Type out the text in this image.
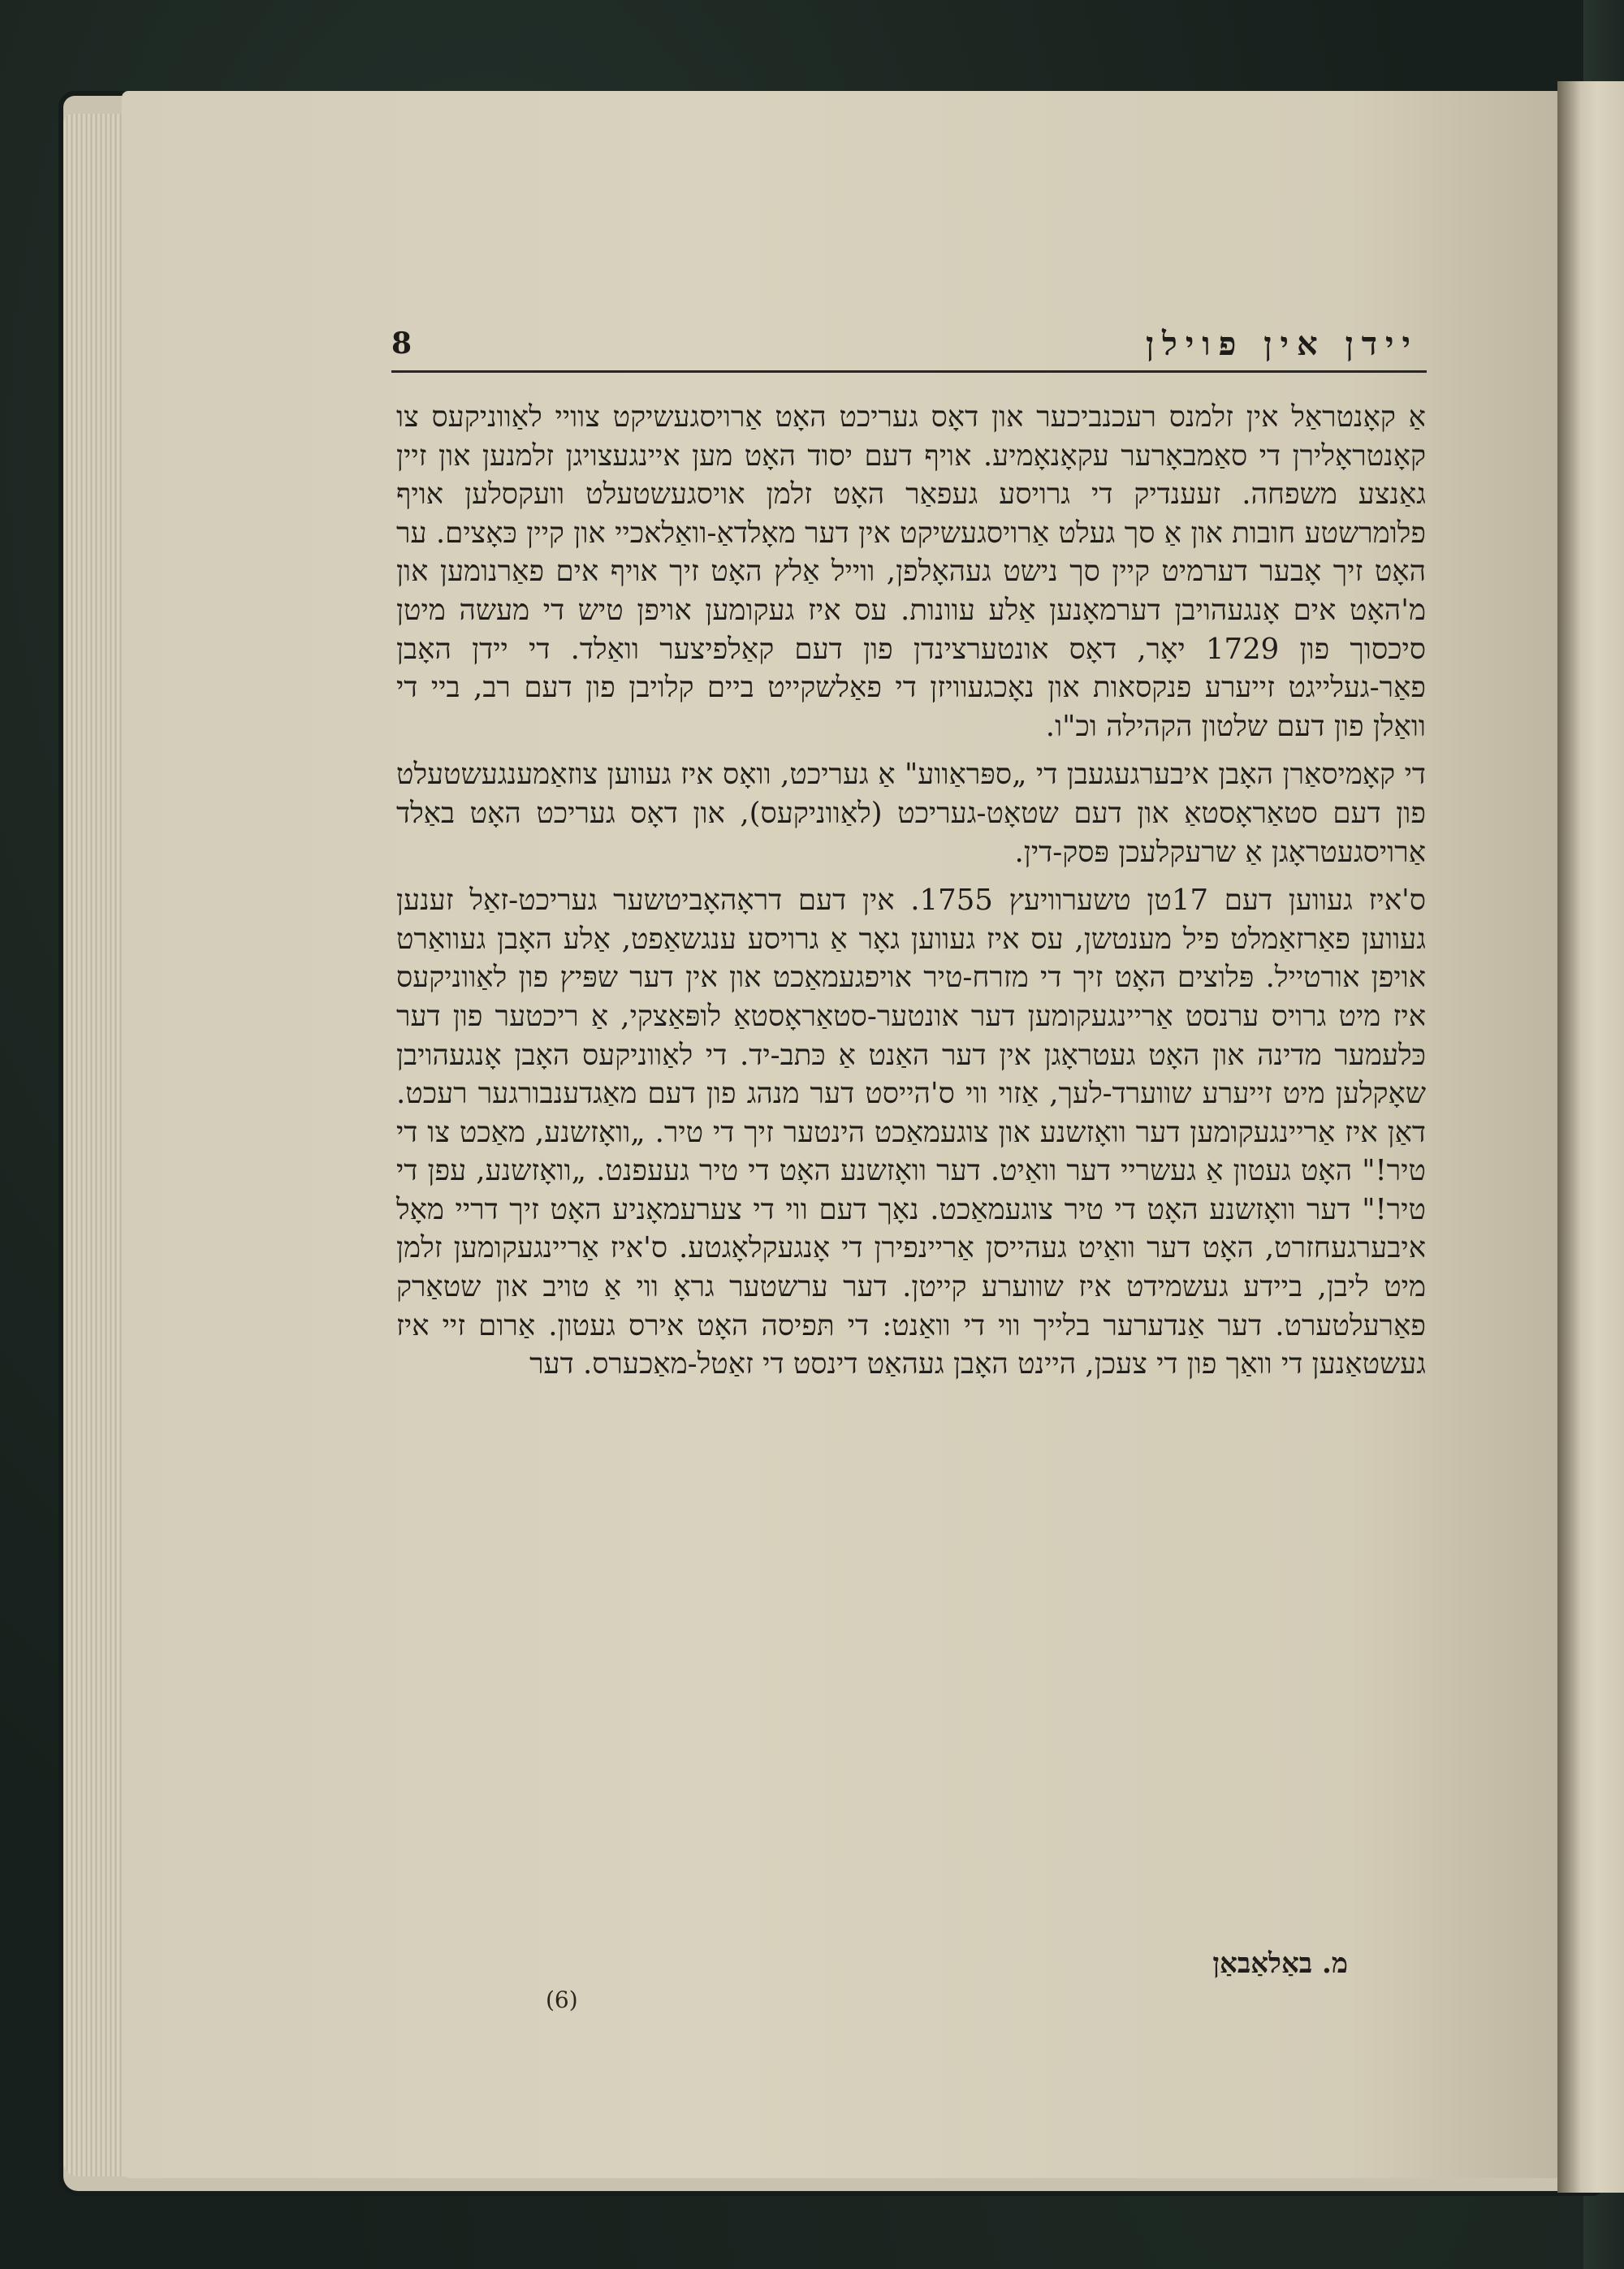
8	יידן אין פוילן

אַ קאָנטראַל אין זלמנס רעכנביכער און דאָס געריכט האָט אַרויסגעשיקט צוויי לאַווניקעס צו קאָנטראָלירן די סאַמבאָרער עקאָנאָמיע. אויף דעם יסוד האָט מען איינגעצויגן זלמנען און זיין גאַנצע משפחה. זעענדיק די גרויסע געפאַר האָט זלמן אויסגעשטעלט וועקסלען אויף פלומרשטע חובות און אַ סך געלט אַרויסגעשיקט אין דער מאָלדאַ-וואַלאכיי און קיין כּאָצים. ער האָט זיך אָבער דערמיט קיין סך נישט געהאָלפן, ווייל אַלץ האָט זיך אויף אים פאַרנומען און מ'האָט אים אָנגעהויבן דערמאָנען אַלע עוונות. עס איז געקומען אויפן טיש די מעשה מיטן סיכסוך פון 1729 יאָר, דאָס אונטערצינדן פון דעם קאַלפיצער וואַלד. די יידן האָבן פאַר-געלייגט זייערע פנקסאות און נאָכגעוויזן די פאַלשקייט ביים קלויבן פון דעם רב, ביי די וואַלן פון דעם שלטון הקהילה וכ"ו.

די קאָמיסאַרן האָבן איבערגעגעבן די „ספּראַווע" אַ געריכט, וואָס איז געווען צוזאַמענגעשטעלט פון דעם סטאַראָסטאַ און דעם שטאָט-געריכט (לאַווניקעס), און דאָס געריכט האָט באַלד אַרויסגעטראָגן אַ שרעקלעכן פּסק-דין.

ס'איז געווען דעם 17טן טשערוויעץ 1755. אין דעם דראָהאָביטשער געריכט-זאַל זענען געווען פאַרזאַמלט פיל מענטשן, עס איז געווען גאָר אַ גרויסע ענגשאַפט, אַלע האָבן געוואַרט אויפן אורטייל. פּלוצים האָט זיך די מזרח-טיר אויפגעמאַכט און אין דער שפּיץ פון לאַווניקעס איז מיט גרויס ערנסט אַריינגעקומען דער אונטער-סטאַראָסטאַ לופּאַצקי, אַ ריכטער פון דער כּלעמער מדינה און האָט געטראָגן אין דער האַנט אַ כּתב-יד. די לאַווניקעס האָבן אָנגעהויבן שאָקלען מיט זייערע שווערד-לעך, אַזוי ווי ס'הייסט דער מנהג פון דעם מאַגדענבורגער רעכט. דאַן איז אַריינגעקומען דער וואָזשנע און צוגעמאַכט הינטער זיך די טיר. „וואָזשנע, מאַכט צו די טיר!" האָט געטון אַ געשריי דער וואַיט. דער וואָזשנע האָט די טיר געעפנט. „וואָזשנע, עפן די טיר!" דער וואָזשנע האָט די טיר צוגעמאַכט. נאָך דעם ווי די צערעמאָניע האָט זיך דריי מאָל איבערגעחזרט, האָט דער וואַיט געהייסן אַריינפירן די אָנגעקלאָגטע. ס'איז אַריינגעקומען זלמן מיט ליבן, ביידע געשמידט איז שווערע קייטן. דער ערשטער גראָ ווי אַ טויב און שטאַרק פאַרעלטערט. דער אַנדערער בלייך ווי די וואַנט: די תּפיסה האָט אירס געטון. אַרום זיי איז געשטאַנען די וואַך פון די צעכן, היינט האָבן געהאַט דינסט די זאַטל-מאַכערס. דער

מ. באַלאַבאַן
(6)
